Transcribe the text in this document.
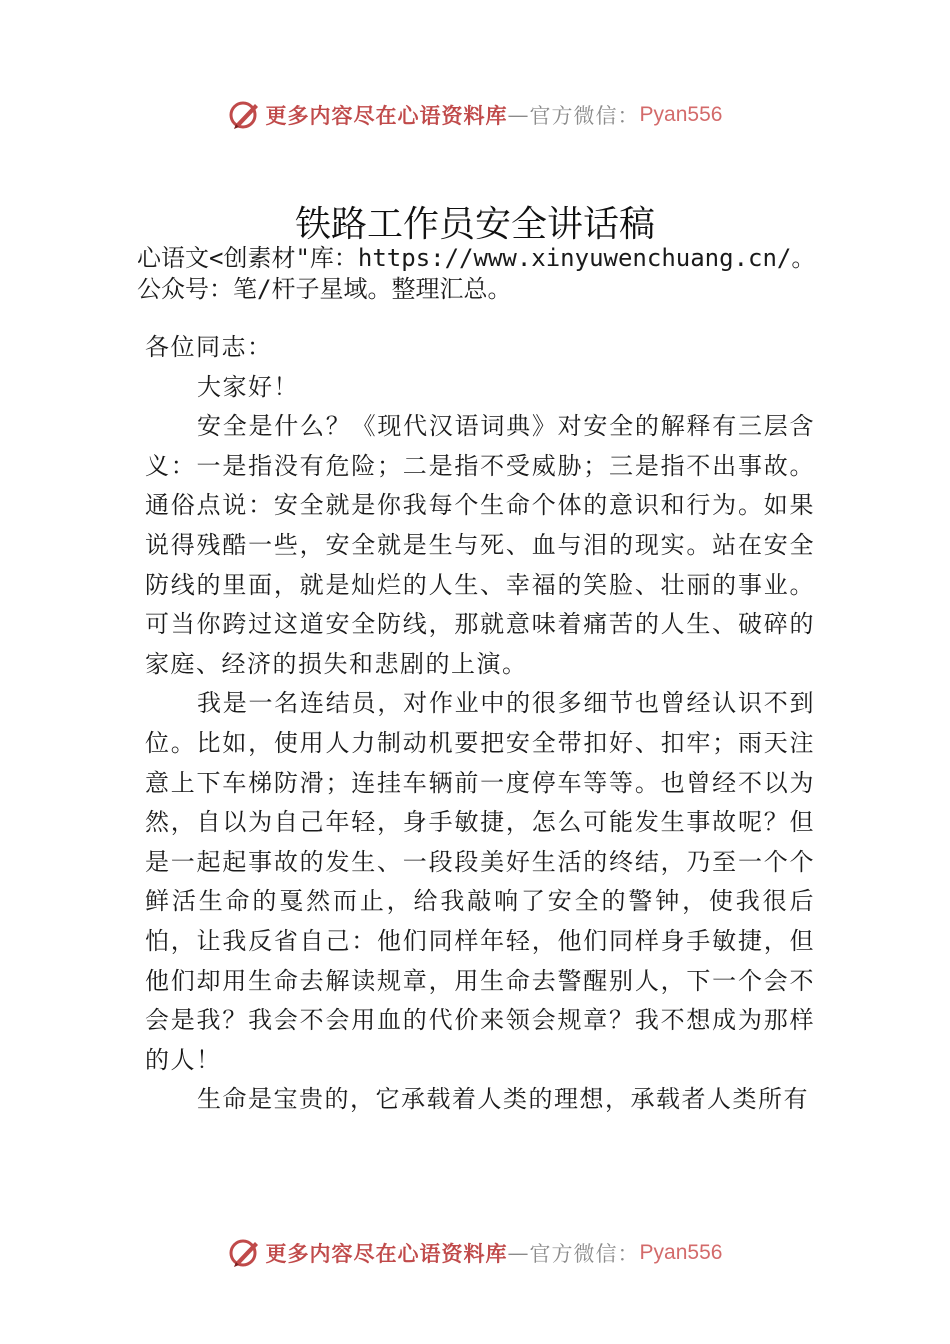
更多内容尽在心语资料库 — 官方微信： Pyan556
铁路工作员安全讲话稿
心语文<创素材"库：https://www.xinyuwenchuang.cn/。公众号：笔/杆子星域。整理汇总。

各位同志：

大家好！

安全是什么？《现代汉语词典》对安全的解释有三层含义：一是指没有危险；二是指不受威胁；三是指不出事故。 通俗点说：安全就是你我每个生命个体的意识和行为。如果说得残酷一些，安全就是生与死、血与泪的现实。站在安全防线的里面，就是灿烂的人生、幸福的笑脸、壮丽的事业。 可当你跨过这道安全防线，那就意味着痛苦的人生、破碎的家庭、经济的损失和悲剧的上演。

我是一名连结员，对作业中的很多细节也曾经认识不到位。比如，使用人力制动机要把安全带扣好、扣牢；雨天注意上下车梯防滑；连挂车辆前一度停车等等。也曾经不以为然，自以为自己年轻，身手敏捷，怎么可能发生事故呢？但是一起起事故的发生、一段段美好生活的终结，乃至一个个鲜活生命的戛然而止，给我敲响了安全的警钟，使我很后怕，让我反省自己：他们同样年轻，他们同样身手敏捷，但他们却用生命去解读规章，用生命去警醒别人，下一个会不会是我？我会不会用血的代价来领会规章？我不想成为那样的人！

生命是宝贵的，它承载着人类的理想，承载者人类所有

更多内容尽在心语资料库 — 官方微信： Pyan556
